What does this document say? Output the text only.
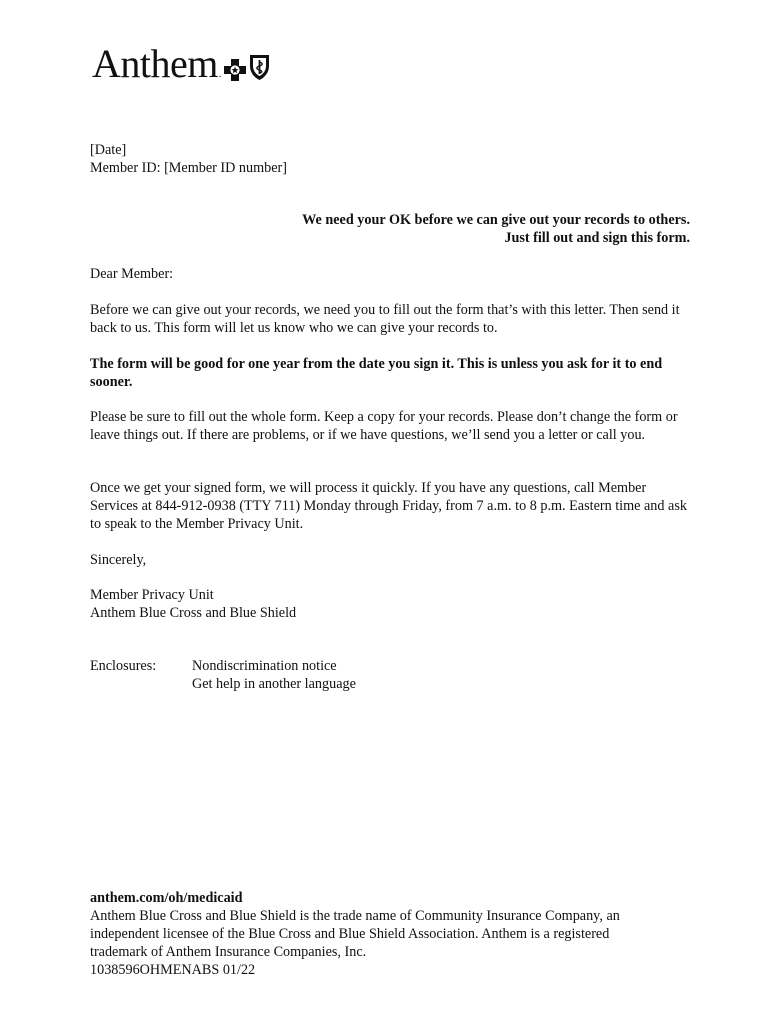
Anthem .
[Date]
Member ID: [Member ID number]
We need your OK before we can give out your records to others.
Just fill out and sign this form.

Dear Member:

Before we can give out your records, we need you to fill out the form that’s with this letter. Then send it back to us. This form will let us know who we can give your records to.

The form will be good for one year from the date you sign it. This is unless you ask for it to end sooner.

Please be sure to fill out the whole form. Keep a copy for your records. Please don’t change the form or leave things out. If there are problems, or if we have questions, we’ll send you a letter or call you.

Once we get your signed form, we will process it quickly. If you have any questions, call Member Services at 844-912-0938 (TTY 711) Monday through Friday, from 7 a.m. to 8 p.m. Eastern time and ask to speak to the Member Privacy Unit.

Sincerely,

Member Privacy Unit
Anthem Blue Cross and Blue Shield
Enclosures:	Nondiscrimination notice
Get help in another language
anthem.com/oh/medicaid
Anthem Blue Cross and Blue Shield is the trade name of Community Insurance Company, an
independent licensee of the Blue Cross and Blue Shield Association. Anthem is a registered
trademark of Anthem Insurance Companies, Inc.
1038596OHMENABS 01/22
